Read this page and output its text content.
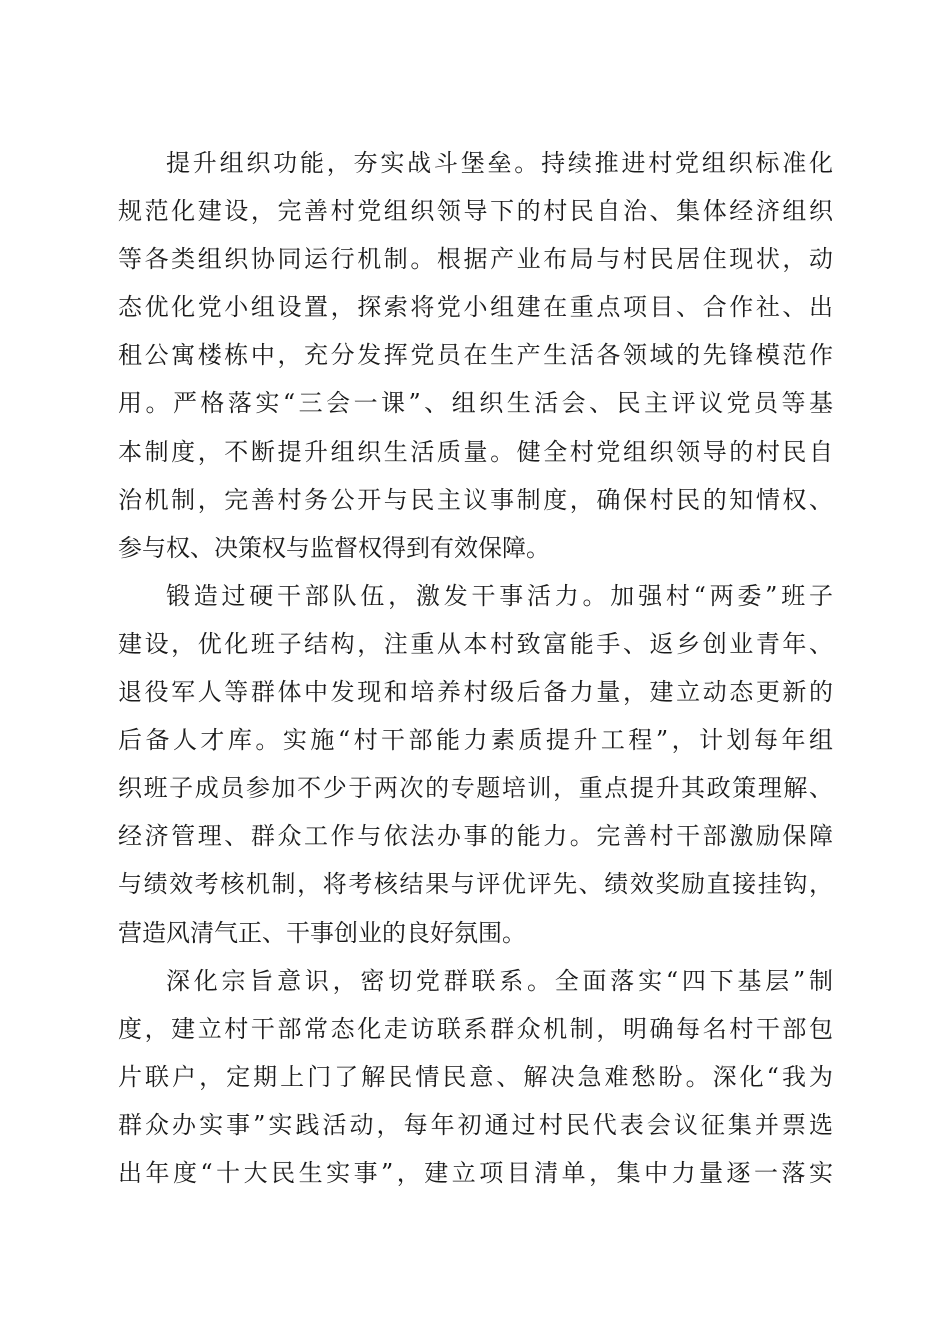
提升组织功能，夯实战斗堡垒。持续推进村党组织标准化
规范化建设，完善村党组织领导下的村民自治、集体经济组织
等各类组织协同运行机制。根据产业布局与村民居住现状，动
态优化党小组设置，探索将党小组建在重点项目、合作社、出
租公寓楼栋中，充分发挥党员在生产生活各领域的先锋模范作
用。严格落实“三会一课”、组织生活会、民主评议党员等基
本制度，不断提升组织生活质量。健全村党组织领导的村民自
治机制，完善村务公开与民主议事制度，确保村民的知情权、
参与权、决策权与监督权得到有效保障。
锻造过硬干部队伍，激发干事活力。加强村“两委”班子
建设，优化班子结构，注重从本村致富能手、返乡创业青年、
退役军人等群体中发现和培养村级后备力量，建立动态更新的
后备人才库。实施“村干部能力素质提升工程”，计划每年组
织班子成员参加不少于两次的专题培训，重点提升其政策理解、
经济管理、群众工作与依法办事的能力。完善村干部激励保障
与绩效考核机制，将考核结果与评优评先、绩效奖励直接挂钩，
营造风清气正、干事创业的良好氛围。
深化宗旨意识，密切党群联系。全面落实“四下基层”制
度，建立村干部常态化走访联系群众机制，明确每名村干部包
片联户，定期上门了解民情民意、解决急难愁盼。深化“我为
群众办实事”实践活动，每年初通过村民代表会议征集并票选
出年度“十大民生实事”，建立项目清单，集中力量逐一落实
